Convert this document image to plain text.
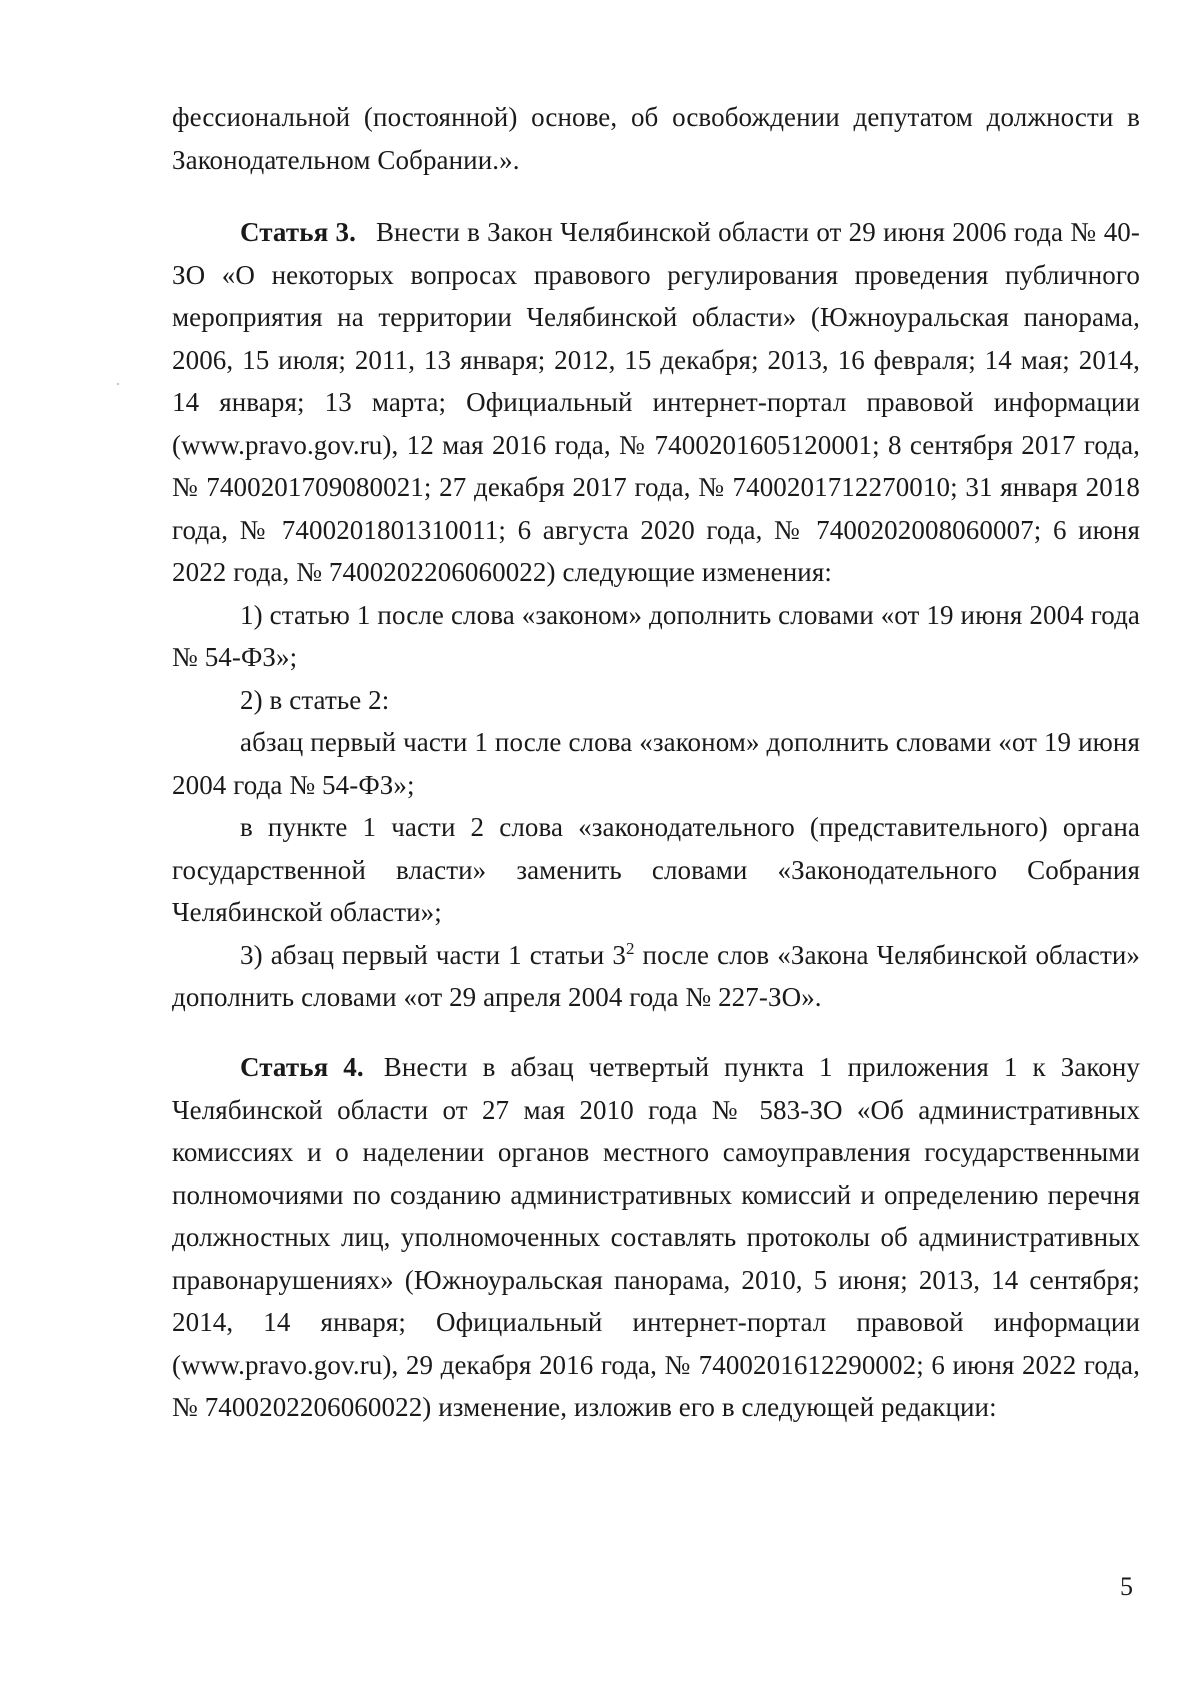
фессиональной (постоянной) основе, об освобождении депутатом должности в Законодательном Собрании.».

Статья 3. Внести в Закон Челябинской области от 29 июня 2006 года № 40-ЗО «О некоторых вопросах правового регулирования проведения публичного мероприятия на территории Челябинской области» (Южноуральская панорама, 2006, 15 июля; 2011, 13 января; 2012, 15 декабря; 2013, 16 февраля; 14 мая; 2014, 14 января; 13 марта; Официальный интернет-портал правовой информации (www.pravo.gov.ru), 12 мая 2016 года, № 7400201605120001; 8 сентября 2017 года, № 7400201709080021; 27 декабря 2017 года, № 7400201712270010; 31 января 2018 года, № 7400201801310011; 6 августа 2020 года, № 7400202008060007; 6 июня 2022 года, № 7400202206060022) следующие изменения:

1) статью 1 после слова «законом» дополнить словами «от 19 июня 2004 года № 54-ФЗ»;

2) в статье 2:

абзац первый части 1 после слова «законом» дополнить словами «от 19 июня 2004 года № 54-ФЗ»;

в пункте 1 части 2 слова «законодательного (представительного) органа государственной власти» заменить словами «Законодательного Собрания Челябинской области»;

3) абзац первый части 1 статьи $3^2$ после слов «Закона Челябинской области» дополнить словами «от 29 апреля 2004 года № 227-ЗО».

Статья 4. Внести в абзац четвертый пункта 1 приложения 1 к Закону Челябинской области от 27 мая 2010 года № 583-ЗО «Об административных комиссиях и о наделении органов местного самоуправления государственными полномочиями по созданию административных комиссий и определению перечня должностных лиц, уполномоченных составлять протоколы об административных правонарушениях» (Южноуральская панорама, 2010, 5 июня; 2013, 14 сентября; 2014, 14 января; Официальный интернет-портал правовой информации (www.pravo.gov.ru), 29 декабря 2016 года, № 7400201612290002; 6 июня 2022 года, № 7400202206060022) изменение, изложив его в следующей редакции:

5
